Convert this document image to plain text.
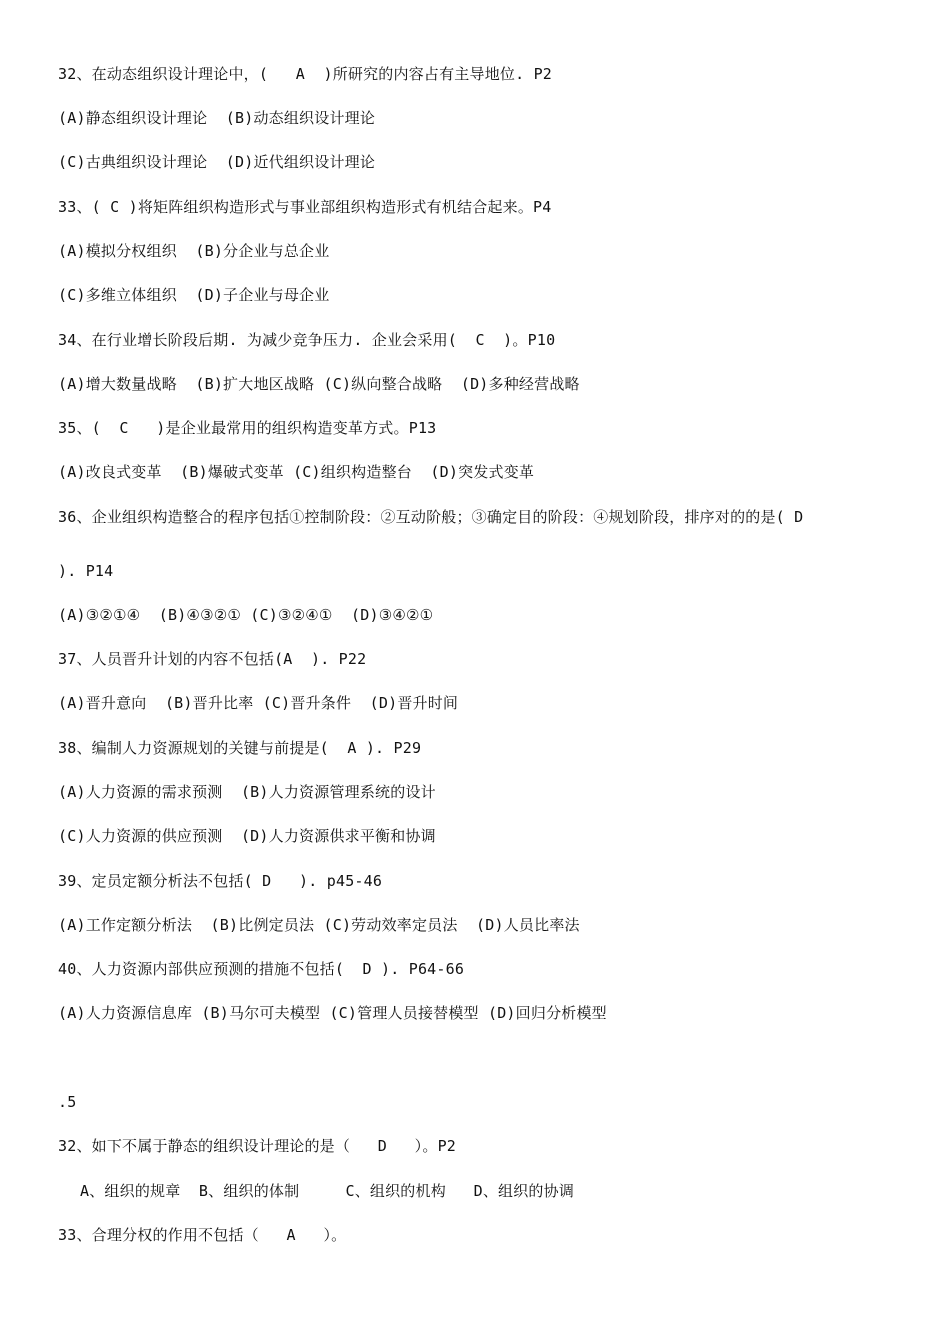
32、在动态组织设计理论中，(   A  )所研究的内容占有主导地位. P2
(A)静态组织设计理论  (B)动态组织设计理论
(C)古典组织设计理论  (D)近代组织设计理论
33、( C )将矩阵组织构造形式与事业部组织构造形式有机结合起来。P4
(A)模拟分权组织  (B)分企业与总企业
(C)多维立体组织  (D)子企业与母企业
34、在行业增长阶段后期. 为减少竞争压力. 企业会采用(  C  )。P10
(A)增大数量战略  (B)扩大地区战略 (C)纵向整合战略  (D)多种经营战略
35、(  C   )是企业最常用的组织构造变革方式。P13
(A)改良式变革  (B)爆破式变革 (C)组织构造整台  (D)突发式变革
36、企业组织构造整合的程序包括①控制阶段：②互动阶般；③确定目的阶段：④规划阶段，排序对的的是( D
). P14
(A)③②①④  (B)④③②① (C)③②④①  (D)③④②①
37、人员晋升计划的内容不包括(A  ). P22
(A)晋升意向  (B)晋升比率 (C)晋升条件  (D)晋升时间
38、编制人力资源规划的关键与前提是(  A ). P29
(A)人力资源的需求预测  (B)人力资源管理系统的设计
(C)人力资源的供应预测  (D)人力资源供求平衡和协调
39、定员定额分析法不包括( D   ). p45-46
(A)工作定额分析法  (B)比例定员法 (C)劳动效率定员法  (D)人员比率法
40、人力资源内部供应预测的措施不包括(  D ). P64-66
(A)人力资源信息库 (B)马尔可夫模型 (C)管理人员接替模型 (D)回归分析模型
.5
32、如下不属于静态的组织设计理论的是（   D   ）。P2
A、组织的规章  B、组织的体制     C、组织的机构   D、组织的协调
33、合理分权的作用不包括（   A   ）。
